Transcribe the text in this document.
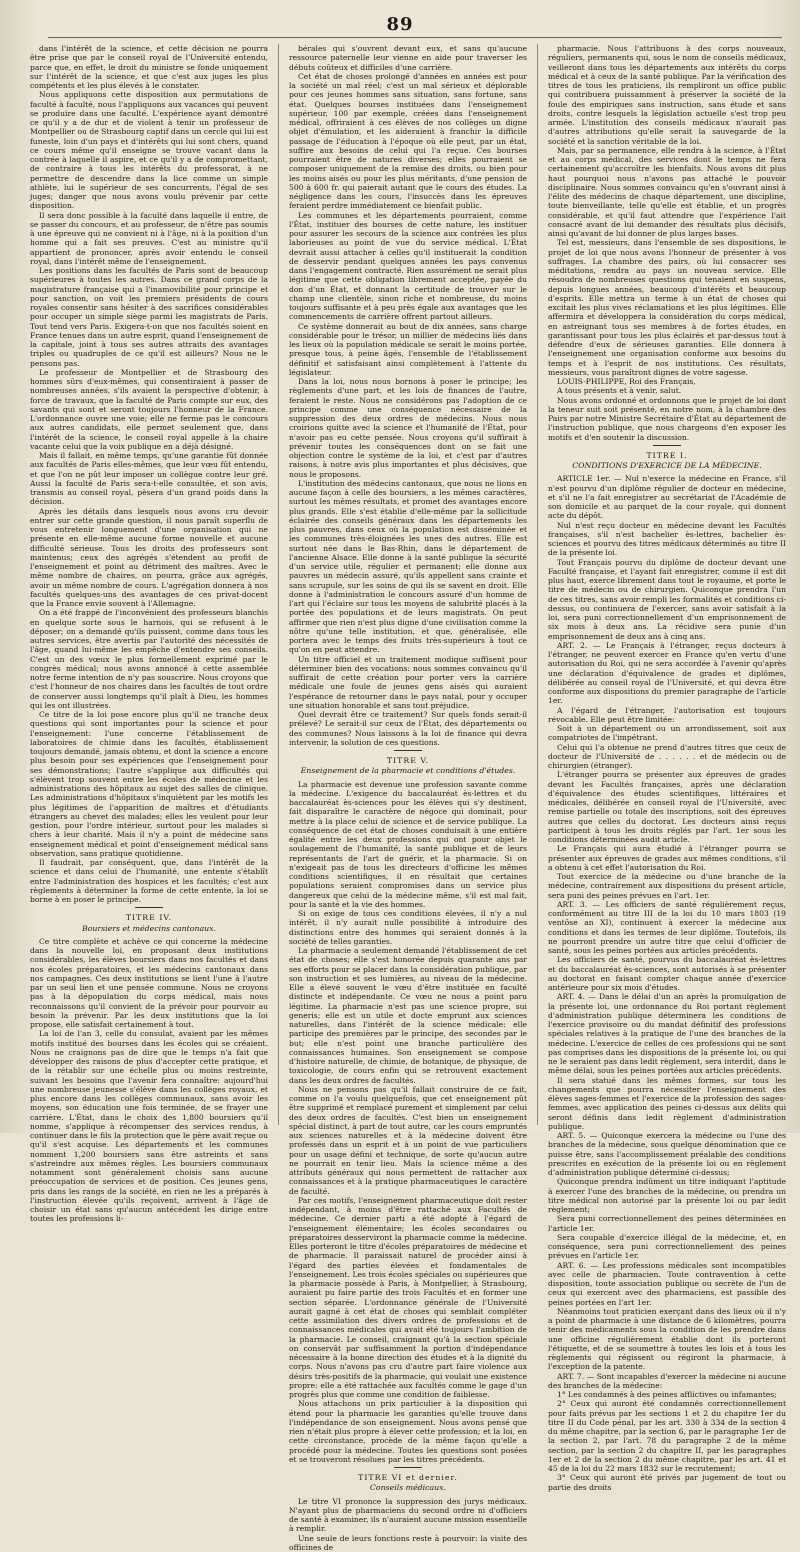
89

dans l'intérêt de la science, et cette décision ne pourra être prise que par le conseil royal de l'Université entendu, parce que, en effet, le droit du ministre se fonde uniquement sur l'intérêt de la science, et que c'est aux juges les plus compétents et les plus élevés à le constater.

Nous appliquons cette disposition aux permutations de faculté à faculté, nous l'appliquons aux vacances qui peuvent se produire dans une faculté. L'expérience ayant démontré ce qu'il y a de dur et de violent à tenir un professeur de Montpellier ou de Strasbourg captif dans un cercle qui lui est funeste, loin d'un pays et d'intérêts qui lui sont chers, quand ce cours même qu'il enseigne se trouve vacant dans la contrée à laquelle il aspire, et ce qu'il y a de compromettant, de contraire à tous les intérêts du professorat, à ne permettre de descendre dans la lice comme un simple athlète, lui le supérieur de ses concurrents, l'égal de ses juges; danger que nous avons voulu prévenir par cette disposition.

Il sera donc possible à la faculté dans laquelle il entre, de se passer du concours, et au professeur, de n'être pas soumis à une épreuve qui ne convient ni à l'âge, ni à la position d'un homme qui a fait ses preuves. C'est au ministre qu'il appartient de prononcer, après avoir entendu le conseil royal, dans l'intérêt même de l'enseignement.

Les positions dans les facultés de Paris sont de beaucoup supérieures à toutes les autres. Dans ce grand corps de la magistrature française qui a l'inamovibilité pour principe et pour sanction, on voit les premiers présidents de cours royales consentir sans hésiter à des sacrifices considérables pour occuper un simple siège parmi les magistrats de Paris. Tout tend vers Paris. Exigera-t-on que nos facultés soient en France tenues dans un autre esprit, quand l'enseignement de la capitale, joint à tous ses autres attraits des avantages triples ou quadruples de ce qu'il est ailleurs? Nous ne le pensons pas.

Le professeur de Montpellier et de Strasbourg des hommes sûrs d'eux-mêmes, qui consentiraient à passer de nombreuses années, s'ils avaient la perspective d'obtenir, à force de travaux, que la faculté de Paris compte sur eux, des savants qui sont et seront toujours l'honneur de la France. L'ordonnance ouvre une voie; elle ne ferme pas le concours aux autres candidats, elle permet seulement que, dans l'intérêt de la science, le conseil royal appelle à la chaire vacante celui que la voix publique en a déjà désigné.

Mais il fallait, en même temps, qu'une garantie fût donnée aux facultés de Paris elles-mêmes, que leur vœu fût entendu, et que l'on ne pût leur imposer un collègue contre leur gré. Aussi la faculté de Paris sera-t-elle consultée, et son avis, transmis au conseil royal, pèsera d'un grand poids dans la décision.

Après les détails dans lesquels nous avons cru devoir entrer sur cette grande question, il nous paraît superflu de vous entretenir longuement d'une organisation qui ne présente en elle-même aucune forme nouvelle et aucune difficulté sérieuse. Tous les droits des professeurs sont maintenus; ceux des agrégés s'étendent au profit de l'enseignement et point au détriment des maîtres. Avec le même nombre de chaires, on pourra, grâce aux agrégés, avoir un même nombre de cours. L'agrégation donnera à nos facultés quelques-uns des avantages de ces privat-docent que la France envie souvent à l'Allemagne.

On a été frappé de l'inconvénient des professeurs blanchis en quelque sorte sous le harnois, qui se refusent à le déposer; on a demandé qu'ils puissent, comme dans tous les autres services, être avertis par l'autorité des nécessités de l'âge, quand lui-même les empêche d'entendre ses conseils. C'est un des vœux le plus formellement exprimé par le congrès médical; nous avons annoncé à cette assemblée notre ferme intention de n'y pas souscrire. Nous croyons que c'est l'honneur de nos chaires dans les facultés de tout ordre de conserver aussi longtemps qu'il plaît à Dieu, les hommes qui les ont illustrées.

Ce titre de la loi pose encore plus qu'il ne tranche deux questions qui sont importantes pour la science et pour l'enseignement: l'une concerne l'établissement de laboratoires de chimie dans les facultés, établissement toujours demandé, jamais obtenu, et dont la science a encore plus besoin pour ses expériences que l'enseignement pour ses démonstrations; l'autre s'applique aux difficultés qui s'élèvent trop souvent entre les écoles de médecine et les administrations des hôpitaux au sujet des salles de clinique. Les administrations d'hôpitaux s'inquiètent par les motifs les plus légitimes de l'apparition de maîtres et d'étudiants étrangers au chevet des malades; elles les veulent pour leur gestion, pour l'ordre intérieur, surtout pour les malades si chers à leur charité. Mais il n'y a point de médecine sans enseignement médical et point d'enseignement médical sans observation, sans pratique quotidienne.

Il faudrait, par conséquent, que, dans l'intérêt de la science et dans celui de l'humanité, une entente s'établît entre l'administration des hospices et les facultés; c'est aux règlements à déterminer la forme de cette entente, la loi se borne à en poser le principe.

TITRE IV.
Boursiers et médecins cantonaux.

Ce titre complète et achève ce qui concerne la médecine dans la nouvelle loi, en proposant deux institutions considérables, les élèves boursiers dans nos facultés et dans nos écoles préparatoires, et les médecins cantonaux dans nos campagnes. Ces deux institutions se lient l'une à l'autre par un seul lien et une pensée commune. Nous ne croyons pas à la dépopulation du corps médical, mais nous reconnaissons qu'il convient de la prévoir pour pourvoir au besoin la prévenir. Par les deux institutions que la loi propose, elle satisfait certainement à tout.

La loi de l'an 3, celle du consulat, avaient par les mêmes motifs institué des bourses dans les écoles qui se créaient. Nous ne craignons pas de dire que le temps n'a fait que développer des raisons de plus d'accepter cette pratique, et de la rétablir sur une échelle plus ou moins restreinte, suivant les besoins que l'avenir fera connaître: aujourd'hui une nombreuse jeunesse s'élève dans les collèges royaux, et plus encore dans les collèges communaux, sans avoir les moyens, son éducation une fois terminée, de se frayer une carrière. L'État, dans le choix des 1,800 boursiers qu'il nomme, s'applique à récompenser des services rendus, à continuer dans le fils la protection que le père avait reçue ou qu'il s'est acquise. Les départements et les communes nomment 1,200 boursiers sans être astreints et sans s'astreindre aux mêmes règles. Les boursiers communaux notamment sont généralement choisis sans aucune préoccupation de services et de position. Ces jeunes gens, pris dans les rangs de la société, en rien ne les a préparés à l'instruction élevée qu'ils reçoivent, arrivent à l'âge de choisir un état sans qu'aucun antécédent les dirige entre toutes les professions li-

bérales qui s'ouvrent devant eux, et sans qu'aucune ressource paternelle leur vienne en aide pour traverser les débuts coûteux et difficiles d'une carrière.

Cet état de choses prolongé d'années en années est pour la société un mal réel; c'est un mal sérieux et déplorable pour ces jeunes hommes sans situation, sans fortune, sans état. Quelques bourses instituées dans l'enseignement supérieur, 100 par exemple, créées dans l'enseignement médical, offriraient à ces élèves de nos collèges un digne objet d'émulation, et les aideraient à franchir la difficile passage de l'éducation à l'époque où elle peut, par un état, suffire aux besoins de celui qui l'a reçue. Ces bourses pourraient être de natures diverses; elles pourraient se composer uniquement de la remise des droits, ou bien pour les moins aisés ou pour les plus méritants, d'une pension de 500 à 600 fr. qui paierait autant que le cours des études. La négligence dans les cours, l'insuccès dans les épreuves feraient perdre immédiatement ce bienfait public.

Les communes et les départements pourraient, comme l'État, instituer des bourses de cette nature, les instituer pour assurer les secours de la science aux contrées les plus laborieuses au point de vue du service médical. L'État devrait aussi attacher à celles qu'il instituerait la condition de desservir pendant quelques années les pays convenus dans l'engagement contracté. Rien assurément ne serait plus légitime que cette obligation librement acceptée, payée du don d'un État, et donnant la certitude de trouver sur le champ une clientèle, sinon riche et nombreuse, du moins toujours suffisante et à peu près égale aux avantages que les commencements de carrière offrent partout ailleurs.

Ce système donnerait au bout de dix années, sans charge considérable pour le trésor, un millier de médecins liés dans les lieux où la population médicale se serait le moins portée, presque tous, à peine âgés, l'ensemble de l'établissement définitif et satisfaisant ainsi complètement à l'attente du législateur.

Dans la loi, nous nous bornons à poser le principe; les règlements d'une part, et les lois de finances de l'autre, feraient le reste. Nous ne considérons pas l'adoption de ce principe comme une conséquence nécessaire de la suppression des deux ordres de médecins. Nous nous croirions quitte avec la science et l'humanité de l'État, pour n'avoir pas eu cette pensée. Nous croyons qu'il suffirait à prévenir toutes les conséquences dont on se fait une objection contre le système de la loi, et c'est par d'autres raisons, à notre avis plus importantes et plus décisives, que nous le proposons.

L'institution des médecins cantonaux, que nous ne lions en aucune façon à celle des boursiers, a les mêmes caractères, surtout les mêmes résultats, et promet des avantages encore plus grands. Elle s'est établie d'elle-même par la sollicitude éclairée des conseils généraux dans les départements les plus pauvres, dans ceux où la population est disséminée et les communes très-éloignées les unes des autres. Elle est surtout née dans le Bas-Rhin, dans le département de l'ancienne Alsace. Elle donne à la santé publique la sécurité d'un service utile, régulier et permanent; elle donne aux pauvres un médecin assuré, qu'ils appellent sans crainte et sans scrupule, sur les soins de qui ils se savent en droit. Elle donne à l'administration le concours assuré d'un homme de l'art qui l'éclaire sur tous les moyens de salubrité placés à la portée des populations et de leurs magistrats. On peut affirmer que rien n'est plus digne d'une civilisation comme la nôtre qu'une telle institution, et que, généralisée, elle portera avec le temps des fruits très-supérieurs à tout ce qu'on en peut attendre.

Un titre officiel et un traitement modique suffisent pour déterminer bien des vocations: nous sommes convaincu qu'il suffirait de cette création pour porter vers la carrière médicale une foule de jeunes gens aisés qui auraient l'espérance de retourner dans le pays natal, pour y occuper une situation honorable et sans tout préjudice.

Quel devrait être ce traitement? Sur quels fonds serait-il prélevé? Le serait-il sur ceux de l'État, des départements ou des communes? Nous laissons à la loi de finance qui devra intervenir, la solution de ces questions.

TITRE V.
Enseignement de la pharmacie et conditions d'études.

La pharmacie est devenue une profession savante comme la médecine. L'exigence du baccalauréat ès-lettres et du baccalauréat ès-sciences pour les élèves qui s'y destinent, fait disparaître le caractère de négoce qui dominait, pour mettre à la place celui de science et de service publique. La conséquence de cet état de choses conduisait à une entière égalité entre les deux professions qui ont pour objet le soulagement de l'humanité, la santé publique et de leurs représentants de l'art de guérir, et la pharmacie. Si on n'exigeait pas de tous les directeurs d'officine les mêmes conditions scientifiques, il en résultait que certaines populations seraient compromises dans un service plus dangereux que celui de la médecine même, s'il est mal fait, pour la santé et la vie des hommes.

Si on exige de tous ces conditions élevées, il n'y a nul intérêt, il n'y aurait nulle possibilité à introduire des distinctions entre des hommes qui seraient donnés à la société de telles garanties.

La pharmacie a seulement demandé l'établissement de cet état de choses; elle s'est honorée depuis quarante ans par ses efforts pour se placer dans la considération publique, par son instruction et ses lumières, au niveau de la médecine. Elle a élevé souvent le vœu d'être instituée en faculté distincte et indépendante. Ce vœu ne nous a point paru légitime. La pharmacie n'est pas une science propre, sui generis; elle est un utile et docte emprunt aux sciences naturelles, dans l'intérêt de la science médicale: elle participe des premières par le principe, des secondes par le but; elle n'est point une branche particulière des connaissances humaines. Son enseignement se compose d'histoire naturelle, de chimie, de botanique, de physique, de toxicologie, de cours enfin qui se retrouvent exactement dans les deux ordres de facultés.

Nous ne pensons pas qu'il fallait construire de ce fait, comme on l'a voulu quelquefois, que cet enseignement pût être supprimé et remplacé purement et simplement par celui des deux ordres de facultés. C'est bien un enseignement spécial distinct, à part de tout autre, car les cours empruntés aux sciences naturelles et à la médecine doivent être professés dans un esprit et à un point de vue particuliers pour un usage défini et technique, de sorte qu'aucun autre ne pourrait en tenir lieu. Mais la science même a des attributs généraux qui nous permettent de rattacher aux connaissances et à la pratique pharmaceutiques le caractère de faculté.

Par ces motifs, l'enseignement pharmaceutique doit rester indépendant, à moins d'être rattaché aux Facultés de médecine. Ce dernier parti a été adopté à l'égard de l'enseignement élémentaire; les écoles secondaires ou préparatoires desserviront la pharmacie comme la médecine. Elles porteront le titre d'écoles préparatoires de médecine et de pharmacie. Il paraissait naturel de procéder ainsi à l'égard des parties élevées et fondamentales de l'enseignement. Les trois écoles spéciales ou supérieures que la pharmacie possède à Paris, à Montpellier, à Strasbourg, auraient pu faire partie des trois Facultés et en former une section séparée. L'ordonnance générale de l'Université aurait gagné à cet état de choses qui semblait compléter cette assimilation des divers ordres de professions et de connaissances médicales qui avait été toujours l'ambition de la pharmacie. Le conseil, craignant qu'à la section spéciale on conservât par suffisamment la portion d'indépendance nécessaire à la bonne direction des études et à la dignité du corps. Nous n'avons pas cru d'autre part faire violence aux désirs très-positifs de la pharmacie, qui voulait une existence propre: elle a été rattachée aux facultés comme le gage d'un progrès plus que comme une condition de faiblesse.

Nous attachons un prix particulier à la disposition qui étend pour la pharmacie les garanties qu'elle trouve dans l'indépendance de son enseignement. Nous avons pensé que rien n'était plus propre à élever cette profession; et la loi, en cette circonstance, procède de la même façon qu'elle a procédé pour la médecine. Toutes les questions sont posées et se trouveront résolues par les titres précédents.

TITRE VI et dernier.
Conseils médicaux.

Le titre VI prononce la suppression des jurys médicaux. N'ayant plus de pharmaciens du second ordre ni d'officiers de santé à examiner, ils n'auraient aucune mission essentielle à remplir.

Une seule de leurs fonctions reste à pourvoir: la visite des officines de

pharmacie. Nous l'attribuons à des corps nouveaux, réguliers, permanents qui, sous le nom de conseils médicaux, veilleront dans tous les départements aux intérêts du corps médical et à ceux de la santé publique. Par la vérification des titres de tous les praticiens, ils rempliront un office public qui contribuera puissamment à préserver la société de la foule des empiriques sans instruction, sans étude et sans droits, contre lesquels la législation actuelle s'est trop peu armée. L'institution des conseils médicaux n'aurait pas d'autres attributions qu'elle serait la sauvegarde de la société et la sanction véritable de la loi.

Mais, par sa permanence, elle rendra à la science, à l'État et au corps médical, des services dont le temps ne fera certainement qu'accroître les bienfaits. Nous avons dit plus haut pourquoi nous n'avons pas attaché le pouvoir disciplinaire. Nous sommes convaincu qu'en s'ouvrant ainsi à l'élite des médecins de chaque département, une discipline, toute bienveillante, telle qu'elle est établie, et un progrès considérable, et qu'il faut attendre que l'expérience l'ait consacré avant de lui demander des résultats plus décisifs, ainsi qu'avant de lui donner de plus larges bases.

Tel est, messieurs, dans l'ensemble de ses dispositions, le projet de loi que nous avons l'honneur de présenter à vos suffrages. La chambre des pairs, où lui consacrer ses méditations, rendra au pays un nouveau service. Elle résoudra de nombreuses questions qui tenaient en suspens, depuis longues années, beaucoup d'intérêts et beaucoup d'esprits. Elle mettra un terme à un état de choses qui excitait les plus vives réclamations et les plus légitimes. Elle affermira et développera la considération du corps médical, en astreignant tous ses membres à de fortes études, en garantissant pour tous les plus éclairés et par-dessus tout à défendre d'eux de sérieuses garanties. Elle donnera à l'enseignement une organisation conforme aux besoins du temps et à l'esprit de nos institutions. Ces résultats, messieurs, vous paraîtront dignes de votre sagesse.

LOUIS-PHILIPPE, Roi des Français,

A tous présents et à venir, salut.

Nous avons ordonné et ordonnons que le projet de loi dont la teneur suit soit présenté, en notre nom, à la chambre des Pairs par notre Ministre Secrétaire d'État au département de l'instruction publique, que nous chargeons d'en exposer les motifs et d'en soutenir la discussion.

TITRE I.
CONDITIONS D'EXERCICE DE LA MÉDECINE.

ARTICLE 1er. — Nul n'exerce la médecine en France, s'il n'est pourvu d'un diplôme régulier de docteur en médecine, et s'il ne l'a fait enregistrer au secrétariat de l'Académie de son domicile et au parquet de la cour royale, qui donnent acte du dépôt.

Nul n'est reçu docteur en médecine devant les Facultés françaises, s'il n'est bachelier ès-lettres, bachelier ès-sciences et pourvu des titres médicaux déterminés au titre II de la présente loi.

Tout Français pourvu du diplôme de docteur devant une Faculté française, et l'ayant fait enregistrer, comme il est dit plus haut, exerce librement dans tout le royaume, et porte le titre de médecin ou de chirurgien. Quiconque prendra l'un de ces titres, sans avoir rempli les formalités et conditions ci-dessus, ou continuera de l'exercer, sans avoir satisfait à la loi, sera puni correctionnellement d'un emprisonnement de six mois à deux ans. La récidive sera punie d'un emprisonnement de deux ans à cinq ans.

ART. 2. — Le Français à l'étranger, reçus docteurs à l'étranger, ne peuvent exercer en France qu'en vertu d'une autorisation du Roi, qui ne sera accordée à l'avenir qu'après une déclaration d'équivalence de grades et diplômes, délibérée au conseil royal de l'Université, et qui devra être conforme aux dispositions du premier paragraphe de l'article 1er.

A l'égard de l'étranger, l'autorisation est toujours révocable. Elle peut être limitée:

Soit à un département ou un arrondissement, soit aux compatriotes de l'impétrant.

Celui qui l'a obtenue ne prend d'autres titres que ceux de docteur de l'Université de . . . . . . et de médecin ou de chirurgien (étranger).

L'étranger pourra se présenter aux épreuves de grades devant les Facultés françaises, après une déclaration d'équivalence des études scientifiques, littéraires et médicales, délibérée en conseil royal de l'Université, avec remise partielle ou totale des inscriptions, soit des épreuves autres que celles du doctorat. Les docteurs ainsi reçus participent à tous les droits réglés par l'art. 1er sous les conditions déterminées audit article.

Le Français qui aura étudié à l'étranger pourra se présenter aux épreuves de grades aux mêmes conditions, s'il a obtenu à cet effet l'autorisation du Roi.

Tout exercice de la médecine ou d'une branche de la médecine, contrairement aux dispositions du présent article, sera puni des peines prévues en l'art. 1er.

ART. 3. — Les officiers de santé régulièrement reçus, conformément au titre III de la loi du 10 mars 1803 (19 ventôse an XI), continuent à exercer la médecine aux conditions et dans les termes de leur diplôme. Toutefois, ils ne pourront prendre un autre titre que celui d'officier de santé, sous les peines portées aux articles précédents.

Les officiers de santé, pourvus du baccalauréat ès-lettres et du baccalauréat ès-sciences, sont autorisés à se présenter au doctorat en faisant compter chaque année d'exercice antérieure pour six mois d'études.

ART. 4. — Dans le délai d'un an après la promulgation de la présente loi, une ordonnance du Roi portant règlement d'administration publique déterminera les conditions de l'exercice provisoire ou du mandat définitif des professions spéciales relatives à la pratique de l'une des branches de la médecine. L'exercice de celles de ces professions qui ne sont pas comprises dans les dispositions de la présente loi, ou qui ne le seraient pas dans ledit règlement, sera interdit, dans le même délai, sous les peines portées aux articles précédents.

Il sera statué dans les mêmes formes, sur tous les changements que pourra nécessiter l'enseignement des élèves sages-femmes et l'exercice de la profession des sages-femmes, avec application des peines ci-dessus aux délits qui seront définis dans ledit règlement d'administration publique.

ART. 5. — Quiconque exercera la médecine ou l'une des branches de la médecine, sous quelque dénomination que ce puisse être, sans l'accomplissement préalable des conditions prescrites en exécution de la présente loi ou en règlement d'administration publique déterminé ci-dessus;

Quiconque prendra indûment un titre indiquant l'aptitude à exercer l'une des branches de la médecine, ou prendra un titre médical non autorisé par la présente loi ou par ledit règlement;

Sera puni correctionnellement des peines déterminées en l'article 1er.

Sera coupable d'exercice illégal de la médecine, et, en conséquence, sera puni correctionnellement des peines prévues en l'article 1er.

ART. 6. — Les professions médicales sont incompatibles avec celle de pharmacien. Toute contravention à cette disposition, toute association publique ou secrète de l'un de ceux qui exercent avec des pharmaciens, est passible des peines portées en l'art 1er.

Néanmoins tout praticien exerçant dans des lieux où il n'y a point de pharmacie à une distance de 6 kilomètres, pourra tenir des médicaments sous la condition de les prendre dans une officine régulièrement établie dont ils porteront l'étiquette, et de se soumettre à toutes les lois et à tous les règlements qui régissent ou régiront la pharmacie, à l'exception de la patente.

ART. 7. — Sont incapables d'exercer la médecine ni aucune des branches de la médecine:

1° Les condamnés à des peines afflictives ou infamantes;

2° Ceux qui auront été condamnés correctionnellement pour faits prévus par les sections 1 et 2 du chapitre 1er du titre II du Code pénal, par les art. 330 à 334 de la section 4 du même chapitre, par la section 6, par le paragraphe 1er de la section 2, par l'art. 78 du paragraphe 2 de la même section, par la section 2 du chapitre II, par les paragraphes 1er et 2 de la section 2 du même chapitre, par les art. 41 et 45 de la loi du 22 mars 1832 sur le recrutement;

3° Ceux qui auront été privés par jugement de tout ou partie des droits
